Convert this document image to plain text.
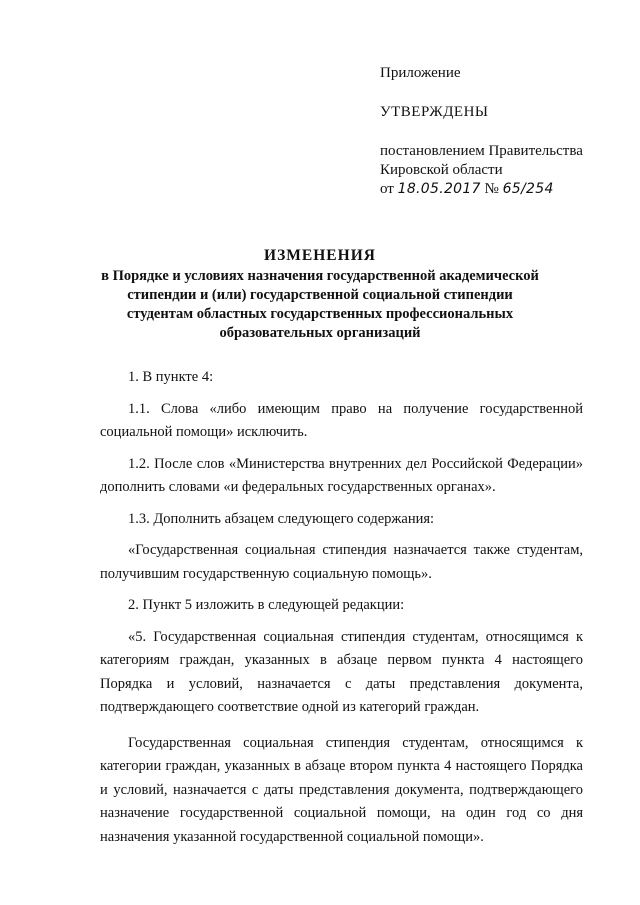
Приложение

УТВЕРЖДЕНЫ

постановлением Правительства

Кировской области

от 18.05.2017 № 65/254

ИЗМЕНЕНИЯ
в Порядке и условиях назначения государственной академической стипендии и (или) государственной социальной стипендии студентам областных государственных профессиональных образовательных организаций

1. В пункте 4:

1.1. Слова «либо имеющим право на получение государственной социальной помощи» исключить.

1.2. После слов «Министерства внутренних дел Российской Федерации» дополнить словами «и федеральных государственных органах».

1.3. Дополнить абзацем следующего содержания:

«Государственная социальная стипендия назначается также студентам, получившим государственную социальную помощь».

2. Пункт 5 изложить в следующей редакции:

«5. Государственная социальная стипендия студентам, относящимся к категориям граждан, указанных в абзаце первом пункта 4 настоящего Порядка и условий, назначается с даты представления документа, подтверждающего соответствие одной из категорий граждан.

Государственная социальная стипендия студентам, относящимся к категории граждан, указанных в абзаце втором пункта 4 настоящего Порядка и условий, назначается с даты представления документа, подтверждающего назначение государственной социальной помощи, на один год со дня назначения указанной государственной социальной помощи».
